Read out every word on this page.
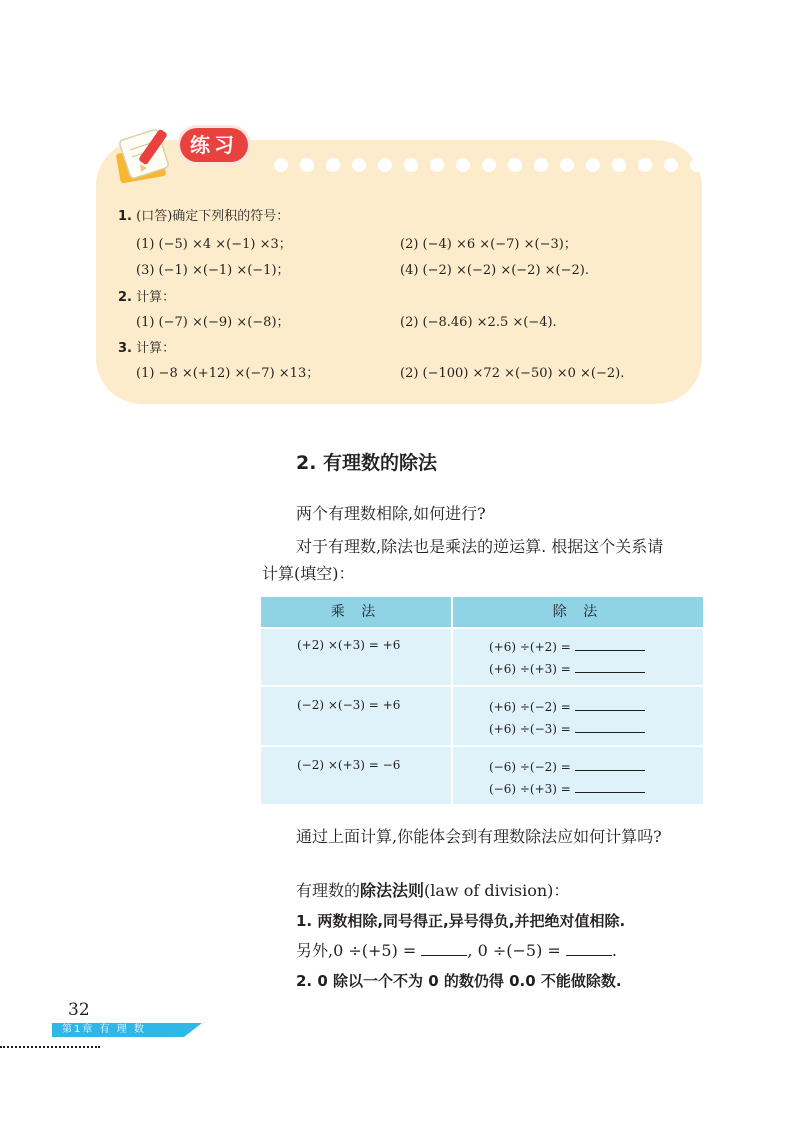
练习
1. (口答)确定下列积的符号：
(1) (−5) ×4 ×(−1) ×3；	(2) (−4) ×6 ×(−7) ×(−3)；
(3) (−1) ×(−1) ×(−1)；	(4) (−2) ×(−2) ×(−2) ×(−2).
2. 计算：
(1) (−7) ×(−9) ×(−8)；	(2) (−8.46) ×2.5 ×(−4).
3. 计算：
(1) −8 ×(+12) ×(−7) ×13；	(2) (−100) ×72 ×(−50) ×0 ×(−2).
2. 有理数的除法
两个有理数相除,如何进行?
对于有理数,除法也是乘法的逆运算. 根据这个关系请
计算(填空)：
乘 法	除 法
(+2) ×(+3) = +6	(+6) ÷(+2) =
(+6) ÷(+3) =
(−2) ×(−3) = +6	(+6) ÷(−2) =
(+6) ÷(−3) =
(−2) ×(+3) = −6	(−6) ÷(−2) =
(−6) ÷(+3) =
通过上面计算,你能体会到有理数除法应如何计算吗?
有理数的除法法则(law of division)：
1. 两数相除,同号得正,异号得负,并把绝对值相除.
另外,0 ÷(+5) =	, 0 ÷(−5) =	.
2. 0 除以一个不为 0 的数仍得 0.0 不能做除数.
32
第1章 有 理 数
